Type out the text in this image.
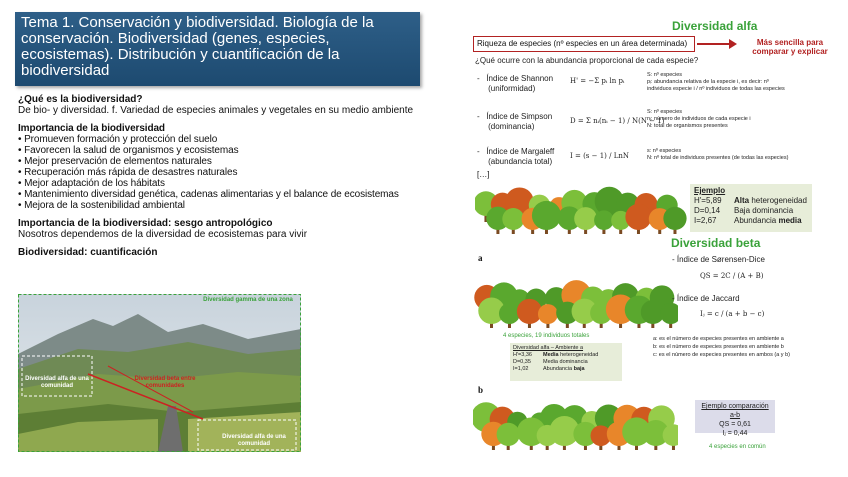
Tema 1. Conservación y biodiversidad. Biología de la conservación. Biodiversidad (genes, especies, ecosistemas). Distribución y cuantificación de la biodiversidad
¿Qué es la biodiversidad?
De bio- y diversidad. f. Variedad de especies animales y vegetales en su medio ambiente
Importancia de la biodiversidad
• Promueven formación y protección del suelo
• Favorecen la salud de organismos y ecosistemas
• Mejor preservación de elementos naturales
• Recuperación más rápida de desastres naturales
• Mejor adaptación de los hábitats
• Mantenimiento diversidad genética, cadenas alimentarias y el balance de ecosistemas
• Mejora de la sostenibilidad ambiental
Importancia de la biodiversidad: sesgo antropológico
Nosotros dependemos de la diversidad de ecosistemas para vivir
Biodiversidad: cuantificación
Diversidad gamma de una zona
Diversidad alfa de una comunidad
Diversidad beta entre comunidades
Diversidad alfa de una comunidad
Diversidad alfa
Riqueza de especies (nº especies en un área determinada)	Más sencilla para comparar y explicar
¿Qué ocurre con la abundancia proporcional de cada especie?
-   Índice de Shannon
(uniformidad)
H' = −Σ pᵢ ln pᵢ
S: nº especies
pᵢ: abundancia relativa de la especie i, es decir: nº
individuos especie i / nº individuos de todas las especies
-   Índice de Simpson
(dominancia)
D = Σ nᵢ(nᵢ − 1) / N(N − 1)
S: nº especies
nᵢ: número de individuos de cada especie i
N: total de organismos presentes
-   Índice de Margaleff
(abundancia total)
I = (s − 1) / LnN
s: nº especies
N: nº total de individuos presentes (de todas las especies)
[…]
Ejemplo
H'=5,89 Alta heterogeneidad
D=0,14 Baja dominancia
I=2,67 Abundancia media
Diversidad beta
a	- Índice de Sørensen-Dice
QS = 2C / (A + B)
- Índice de Jaccard
Iⱼ = c / (a + b − c)
4 especies, 19 individuos totales
Diversidad alfa – Ambiente a
H'=3,36 Media heterogeneidad
D=0,35 Media dominancia
I=1,02	Abundancia baja
a: es el número de especies presentes en ambiente a
b: es el número de especies presentes en ambiente b
c: es el número de especies presentes en ambos (a y b)
b
Ejemplo comparación a-b
QS = 0,61
Iⱼ = 0,44
4 especies en común
